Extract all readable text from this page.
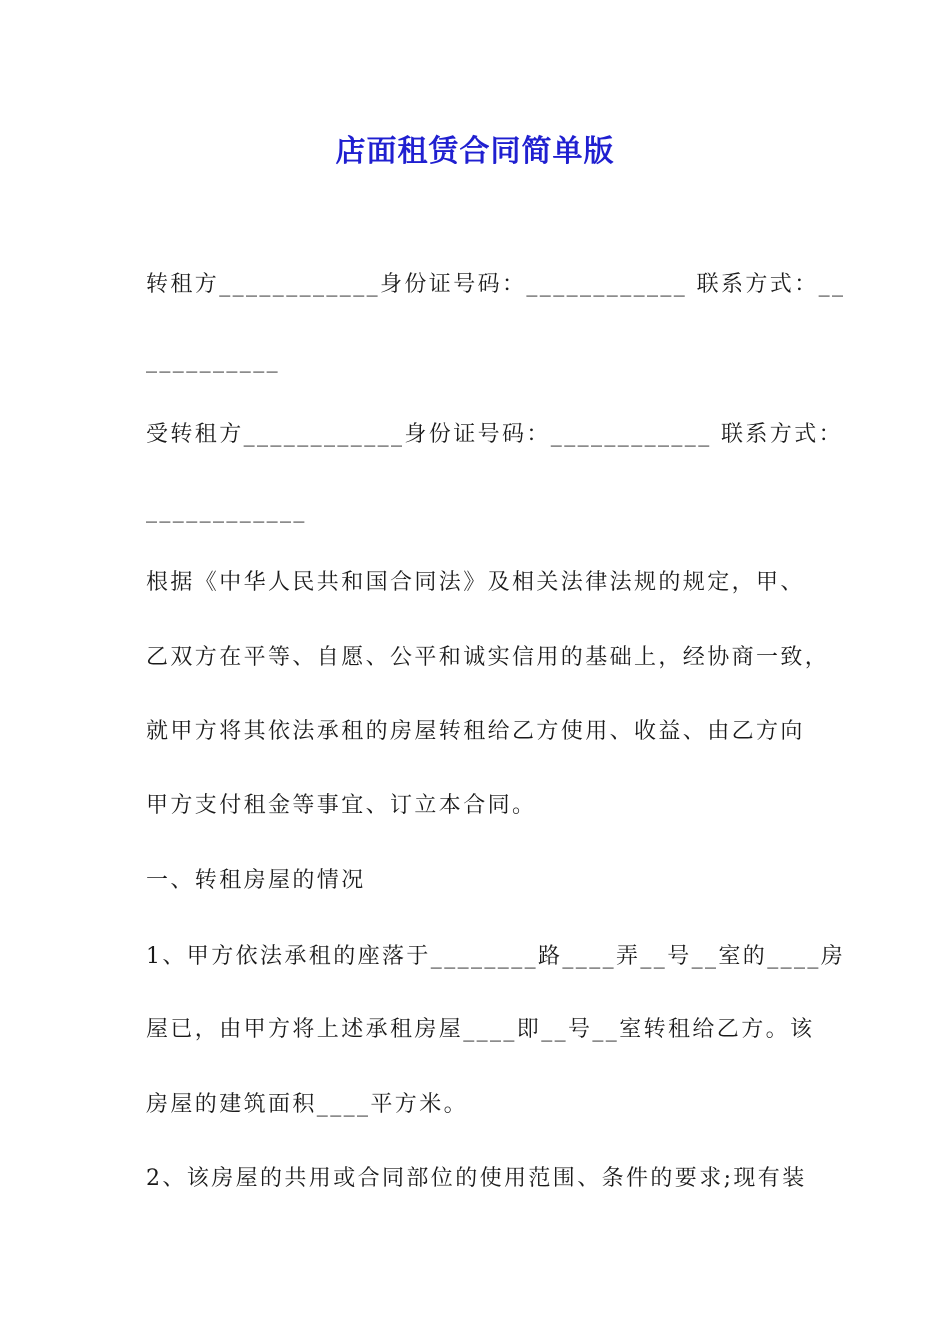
店面租赁合同简单版
转租方____________身份证号码：____________ 联系方式：__
__________
受转租方____________身份证号码：____________ 联系方式：
____________
根据《中华人民共和国合同法》及相关法律法规的规定，甲、
乙双方在平等、自愿、公平和诚实信用的基础上，经协商一致，
就甲方将其依法承租的房屋转租给乙方使用、收益、由乙方向
甲方支付租金等事宜、订立本合同。
一、转租房屋的情况
1、甲方依法承租的座落于________路____弄__号__室的____房
屋已，由甲方将上述承租房屋____即__号__室转租给乙方。该
房屋的建筑面积____平方米。
2、该房屋的共用或合同部位的使用范围、条件的要求;现有装
